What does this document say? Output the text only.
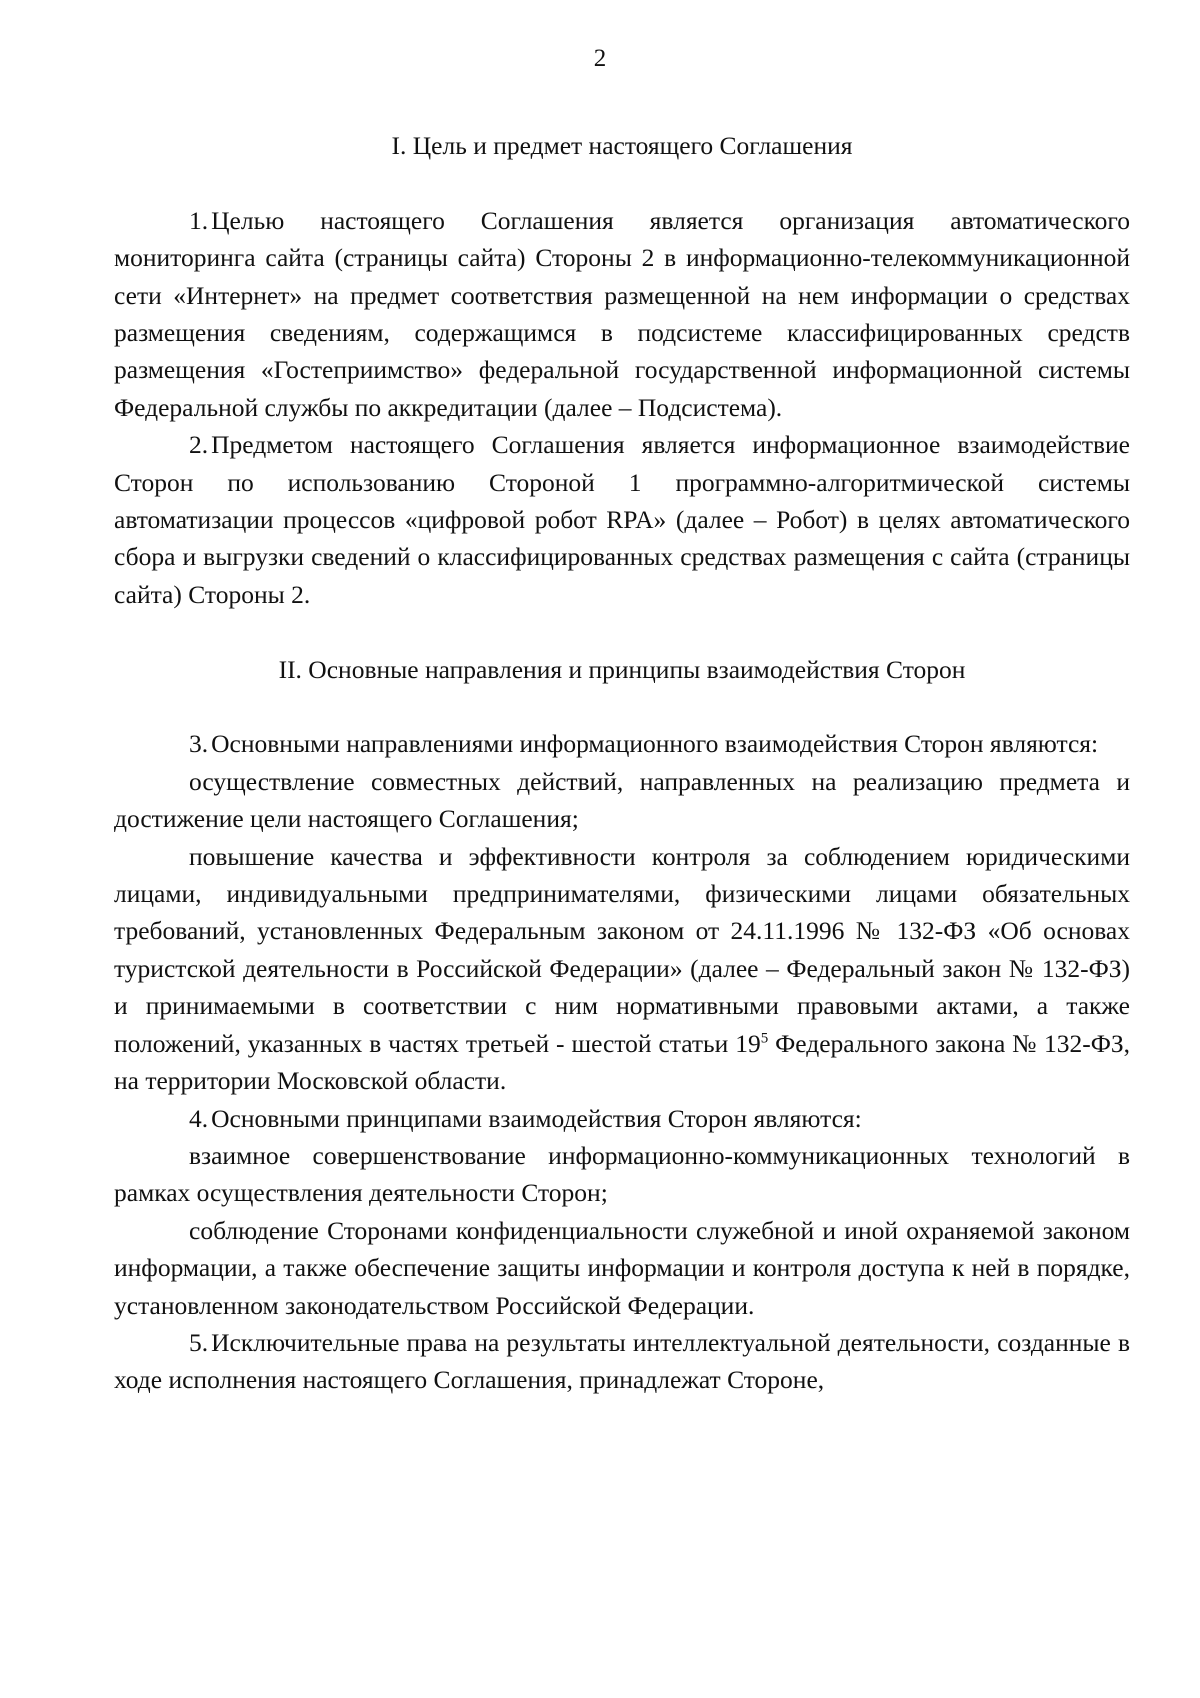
2
I. Цель и предмет настоящего Соглашения

1. Целью настоящего Соглашения является организация автоматического мониторинга сайта (страницы сайта) Стороны 2 в информационно-телекоммуникационной сети «Интернет» на предмет соответствия размещенной на нем информации о средствах размещения сведениям, содержащимся в подсистеме классифицированных средств размещения «Гостеприимство» федеральной государственной информационной системы Федеральной службы по аккредитации (далее – Подсистема).

2. Предметом настоящего Соглашения является информационное взаимодействие Сторон по использованию Стороной 1 программно-алгоритмической системы автоматизации процессов «цифровой робот RPA» (далее – Робот) в целях автоматического сбора и выгрузки сведений о классифицированных средствах размещения с сайта (страницы сайта) Стороны 2.

II. Основные направления и принципы взаимодействия Сторон

3. Основными направлениями информационного взаимодействия Сторон являются:

осуществление совместных действий, направленных на реализацию предмета и достижение цели настоящего Соглашения;

повышение качества и эффективности контроля за соблюдением юридическими лицами, индивидуальными предпринимателями, физическими лицами обязательных требований, установленных Федеральным законом от 24.11.1996 № 132-ФЗ «Об основах туристской деятельности в Российской Федерации» (далее – Федеральный закон № 132-ФЗ) и принимаемыми в соответствии с ним нормативными правовыми актами, а также положений, указанных в частях третьей - шестой статьи $19^5$ Федерального закона № 132-ФЗ, на территории Московской области.

4. Основными принципами взаимодействия Сторон являются:

взаимное совершенствование информационно-коммуникационных технологий в рамках осуществления деятельности Сторон;

соблюдение Сторонами конфиденциальности служебной и иной охраняемой законом информации, а также обеспечение защиты информации и контроля доступа к ней в порядке, установленном законодательством Российской Федерации.

5. Исключительные права на результаты интеллектуальной деятельности, созданные в ходе исполнения настоящего Соглашения, принадлежат Стороне,
